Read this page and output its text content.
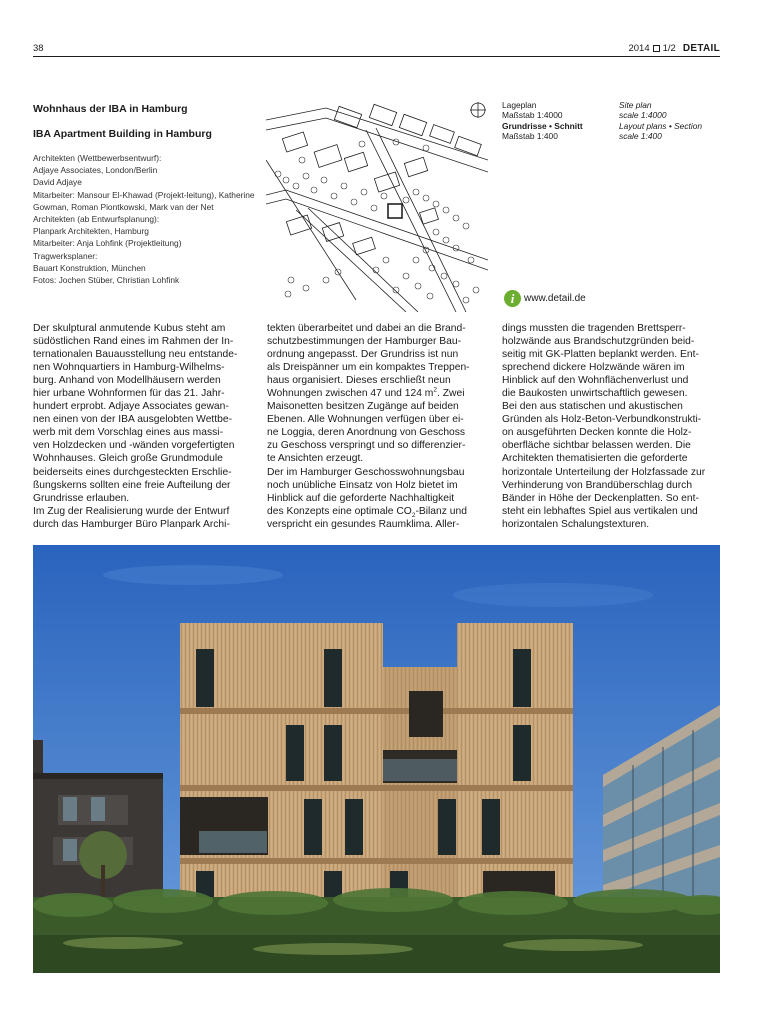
38	2014 1/2 DETAIL
Wohnhaus der IBA in Hamburg
IBA Apartment Building in Hamburg
Architekten (Wettbewerbsentwurf):
Adjaye Associates, London/Berlin
David Adjaye
Mitarbeiter: Mansour El-Khawad (Projekt-leitung), Katherine Gowman, Roman Piontkowski, Mark van der Net
Architekten (ab Entwurfsplanung):
Planpark Architekten, Hamburg
Mitarbeiter: Anja Lohfink (Projektleitung)
Tragwerksplaner:
Bauart Konstruktion, München
Fotos: Jochen Stüber, Christian Lohfink
Lageplan
Maßstab 1:4000
Grundrisse • Schnitt
Maßstab 1:400
Site plan
scale 1:4000
Layout plans • Section
scale 1:400
i www.detail.de
Der skulptural anmutende Kubus steht am
südöstlichen Rand eines im Rahmen der In-
ternationalen Bauausstellung neu entstande-
nen Wohnquartiers in Hamburg-Wilhelms-
burg. Anhand von Modellhäusern werden
hier urbane Wohnformen für das 21. Jahr-
hundert erprobt. Adjaye Associates gewan-
nen einen von der IBA ausgelobten Wettbe-
werb mit dem Vorschlag eines aus massi-
ven Holzdecken und -wänden vorgefertigten
Wohnhauses. Gleich große Grundmodule
beiderseits eines durchgesteckten Erschlie-
ßungskerns sollten eine freie Aufteilung der
Grundrisse erlauben.
Im Zug der Realisierung wurde der Entwurf
durch das Hamburger Büro Planpark Archi-
tekten überarbeitet und dabei an die Brand-
schutzbestimmungen der Hamburger Bau-
ordnung angepasst. Der Grundriss ist nun
als Dreispänner um ein kompaktes Treppen-
haus organisiert. Dieses erschließt neun
Wohnungen zwischen 47 und 124 $m^2$. Zwei
Maisonetten besitzen Zugänge auf beiden
Ebenen. Alle Wohnungen verfügen über ei-
ne Loggia, deren Anordnung von Geschoss
zu Geschoss verspringt und so differenzier-
te Ansichten erzeugt.
Der im Hamburger Geschosswohnungsbau
noch unübliche Einsatz von Holz bietet im
Hinblick auf die geforderte Nachhaltigkeit
des Konzepts eine optimale $CO_2$-Bilanz und
verspricht ein gesundes Raumklima. Aller-
dings mussten die tragenden Brettsperr-
holzwände aus Brandschutzgründen beid-
seitig mit GK-Platten beplankt werden. Ent-
sprechend dickere Holzwände wären im
Hinblick auf den Wohnflächenverlust und
die Baukosten unwirtschaftlich gewesen.
Bei den aus statischen und akustischen
Gründen als Holz-Beton-Verbundkonstrukti-
on ausgeführten Decken konnte die Holz-
oberfläche sichtbar belassen werden. Die
Architekten thematisierten die geforderte
horizontale Unterteilung der Holzfassade zur
Verhinderung von Brandüberschlag durch
Bänder in Höhe der Deckenplatten. So ent-
steht ein lebhaftes Spiel aus vertikalen und
horizontalen Schalungstexturen.
